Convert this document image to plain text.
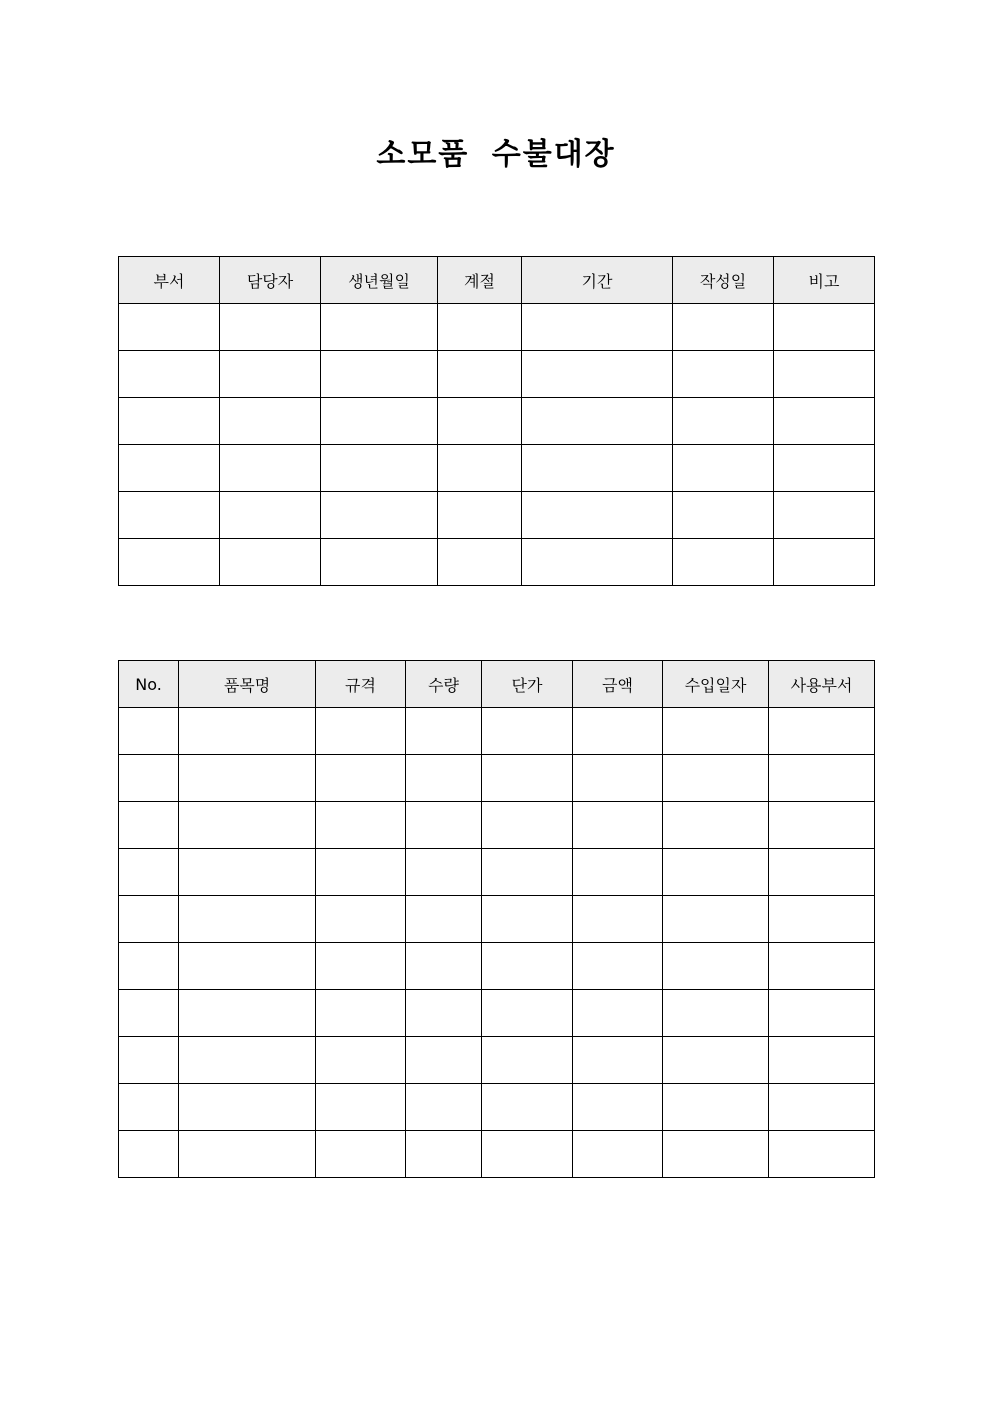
소모품 수불대장
부서	담당자	생년월일	계절	기간	작성일	비고

No.	품목명	규격	수량	단가	금액	수입일자	사용부서
